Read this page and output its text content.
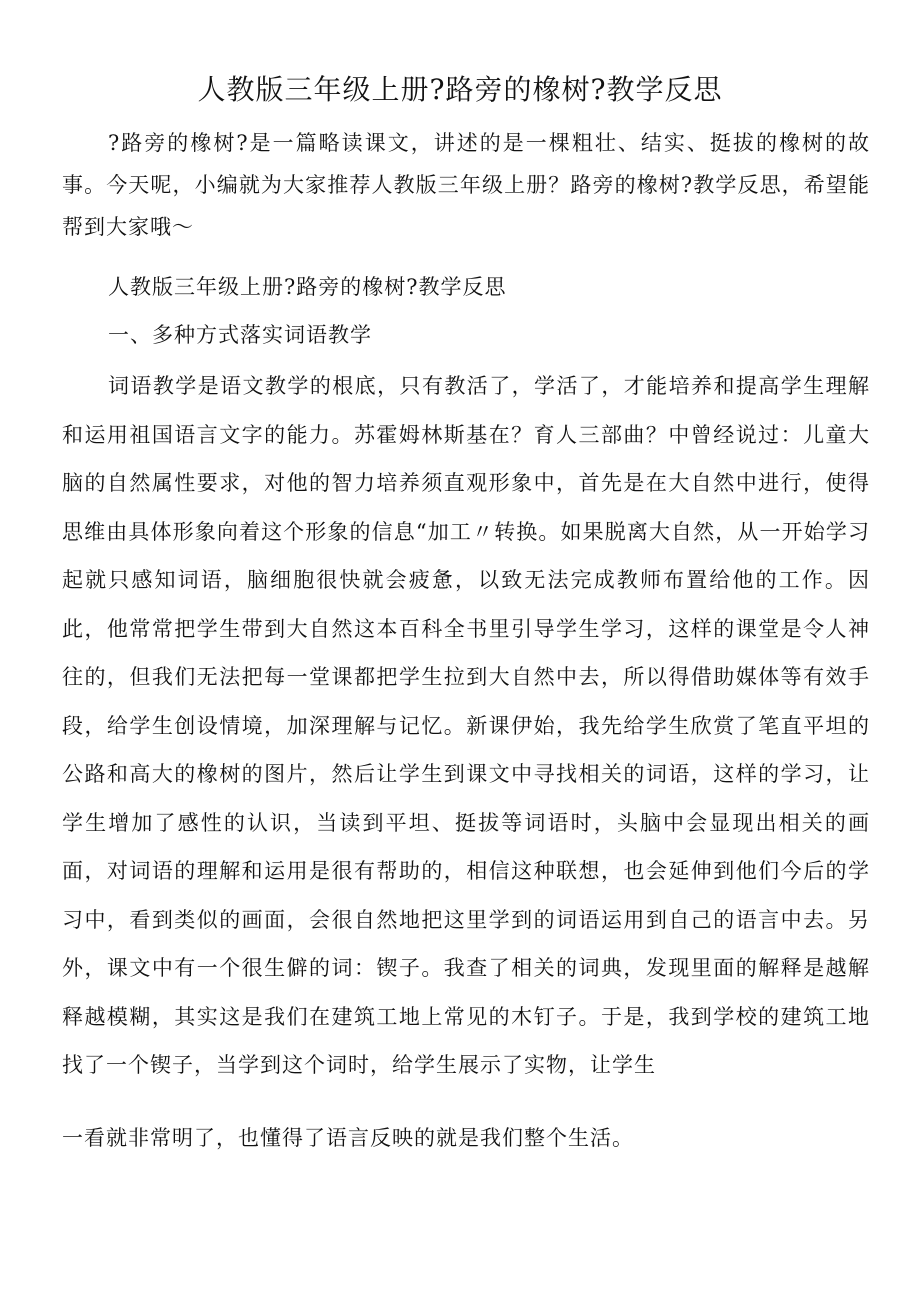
人教版三年级上册?路旁的橡树?教学反思

?路旁的橡树?是一篇略读课文，讲述的是一棵粗壮、结实、挺拔的橡树的故事。今天呢，小编就为大家推荐人教版三年级上册？路旁的橡树?教学反思，希望能帮到大家哦～

人教版三年级上册?路旁的橡树?教学反思

一、多种方式落实词语教学

词语教学是语文教学的根底，只有教活了，学活了，才能培养和提高学生理解和运用祖国语言文字的能力。苏霍姆林斯基在？育人三部曲？中曾经说过：儿童大脑的自然属性要求，对他的智力培养须直观形象中，首先是在大自然中进行，使得思维由具体形象向着这个形象的信息“加工〃转换。如果脱离大自然，从一开始学习起就只感知词语，脑细胞很快就会疲惫，以致无法完成教师布置给他的工作。因此，他常常把学生带到大自然这本百科全书里引导学生学习，这样的课堂是令人神往的，但我们无法把每一堂课都把学生拉到大自然中去，所以得借助媒体等有效手段，给学生创设情境，加深理解与记忆。新课伊始，我先给学生欣赏了笔直平坦的公路和高大的橡树的图片，然后让学生到课文中寻找相关的词语，这样的学习，让学生增加了感性的认识，当读到平坦、挺拔等词语时，头脑中会显现出相关的画面，对词语的理解和运用是很有帮助的，相信这种联想，也会延伸到他们今后的学习中，看到类似的画面，会很自然地把这里学到的词语运用到自己的语言中去。另外，课文中有一个很生僻的词：锲子。我查了相关的词典，发现里面的解释是越解释越模糊，其实这是我们在建筑工地上常见的木钉子。于是，我到学校的建筑工地找了一个锲子，当学到这个词时，给学生展示了实物，让学生

一看就非常明了，也懂得了语言反映的就是我们整个生活。
